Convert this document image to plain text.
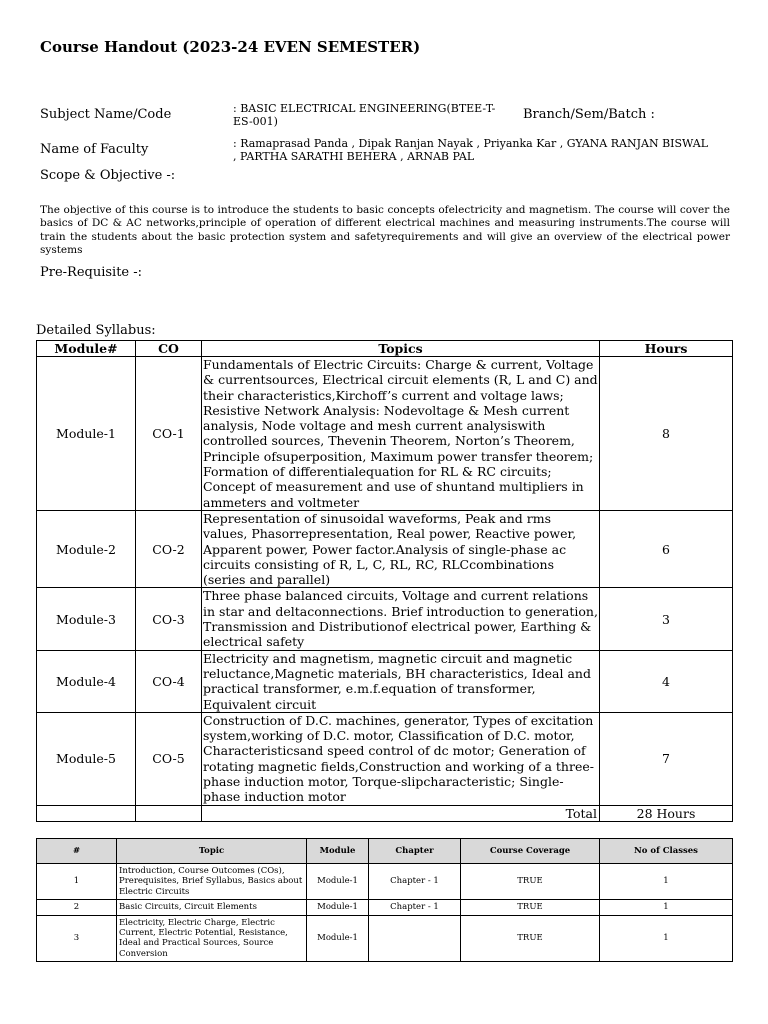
Course Handout (2023-24 EVEN SEMESTER)
Subject Name/Code	: BASIC ELECTRICAL ENGINEERING(BTEE-T-ES-001)	Branch/Sem/Batch :
Name of Faculty	: Ramaprasad Panda , Dipak Ranjan Nayak , Priyanka Kar , GYANA RANJAN BISWAL , PARTHA SARATHI BEHERA , ARNAB PAL
Scope & Objective -:
The objective of this course is to introduce the students to basic concepts ofelectricity and magnetism. The course will cover the basics of DC & AC networks,principle of operation of different electrical machines and measuring instruments.The course will train the students about the basic protection system and safetyrequirements and will give an overview of the electrical power systems
Pre-Requisite -:
Detailed Syllabus:
Module#	CO	Topics	Hours
Module-1	CO-1	Fundamentals of Electric Circuits: Charge & current, Voltage & currentsources, Electrical circuit elements (R, L and C) and their characteristics,Kirchoff’s current and voltage laws; Resistive Network Analysis: Nodevoltage & Mesh current analysis, Node voltage and mesh current analysiswith controlled sources, Thevenin Theorem, Norton’s Theorem, Principle ofsuperposition, Maximum power transfer theorem; Formation of differentialequation for RL & RC circuits; Concept of measurement and use of shuntand multipliers in ammeters and voltmeter	8
Module-2	CO-2	Representation of sinusoidal waveforms, Peak and rms values, Phasorrepresentation, Real power, Reactive power, Apparent power, Power factor.Analysis of single-phase ac circuits consisting of R, L, C, RL, RC, RLCcombinations (series and parallel)	6
Module-3	CO-3	Three phase balanced circuits, Voltage and current relations in star and deltaconnections. Brief introduction to generation, Transmission and Distributionof electrical power, Earthing & electrical safety	3
Module-4	CO-4	Electricity and magnetism, magnetic circuit and magnetic reluctance,Magnetic materials, BH characteristics, Ideal and practical transformer, e.m.f.equation of transformer, Equivalent circuit	4
Module-5	CO-5	Construction of D.C. machines, generator, Types of excitation system,working of D.C. motor, Classification of D.C. motor, Characteristicsand speed control of dc motor; Generation of rotating magnetic fields,Construction and working of a three-phase induction motor, Torque-slipcharacteristic; Single-phase induction motor	7
		Total	28 Hours
#	Topic	Module	Chapter	Course Coverage	No of Classes
1	Introduction, Course Outcomes (COs), Prerequisites, Brief Syllabus, Basics about Electric Circuits	Module-1	Chapter - 1	TRUE	1
2	Basic Circuits, Circuit Elements	Module-1	Chapter - 1	TRUE	1
3	Electricity, Electric Charge, Electric Current, Electric Potential, Resistance, Ideal and Practical Sources, Source Conversion	Module-1		TRUE	1
